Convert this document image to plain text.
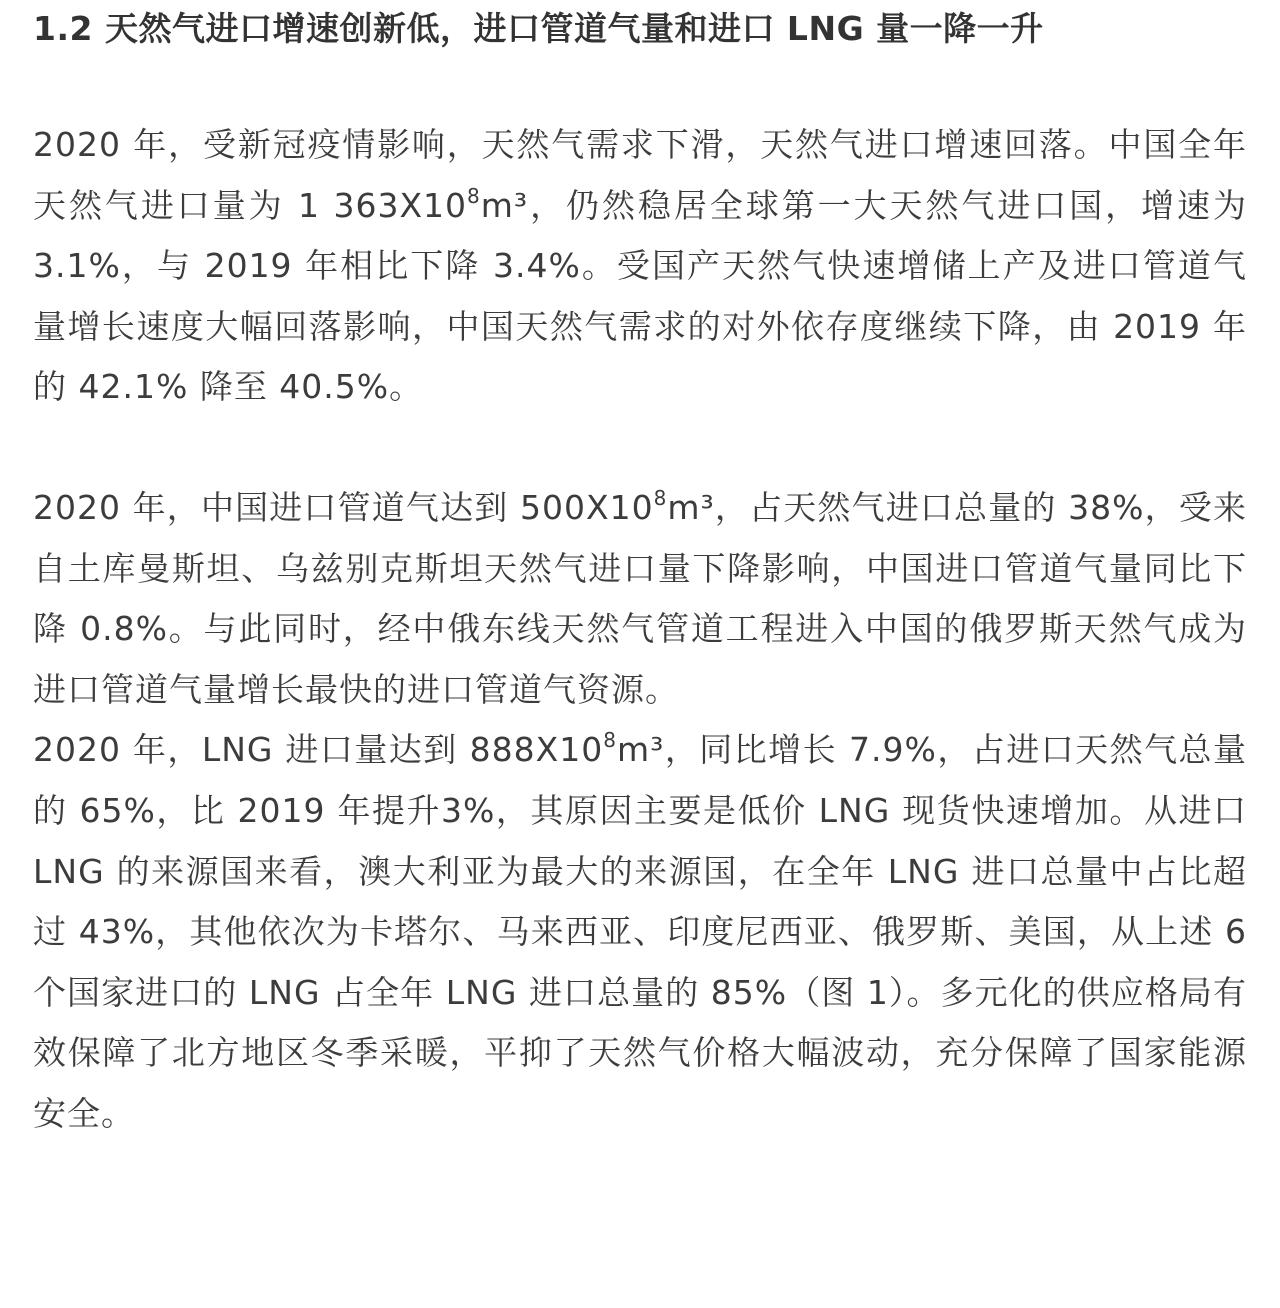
1.2 天然气进口增速创新低，进口管道气量和进口 LNG 量一降一升

2020 年，受新冠疫情影响，天然气需求下滑，天然气进口增速回落。中国全年天然气进口量为 1 $363X10^8m^3$，仍然稳居全球第一大天然气进口国，增速为 3.1%，与 2019 年相比下降 3.4%。受国产天然气快速增储上产及进口管道气量增长速度大幅回落影响，中国天然气需求的对外依存度继续下降，由 2019 年的 42.1% 降至 40.5%。

2020 年，中国进口管道气达到 $500X10^8m^3$，占天然气进口总量的 38%，受来自土库曼斯坦、乌兹别克斯坦天然气进口量下降影响，中国进口管道气量同比下降 0.8%。与此同时，经中俄东线天然气管道工程进入中国的俄罗斯天然气成为进口管道气量增长最快的进口管道气资源。

2020 年，LNG 进口量达到 $888X10^8m^3$，同比增长 7.9%，占进口天然气总量的 65%，比 2019 年提升3%，其原因主要是低价 LNG 现货快速增加。从进口 LNG 的来源国来看，澳大利亚为最大的来源国，在全年 LNG 进口总量中占比超过 43%，其他依次为卡塔尔、马来西亚、印度尼西亚、俄罗斯、美国，从上述 6 个国家进口的 LNG 占全年 LNG 进口总量的 85%（图 1）。多元化的供应格局有效保障了北方地区冬季采暖，平抑了天然气价格大幅波动，充分保障了国家能源安全。
